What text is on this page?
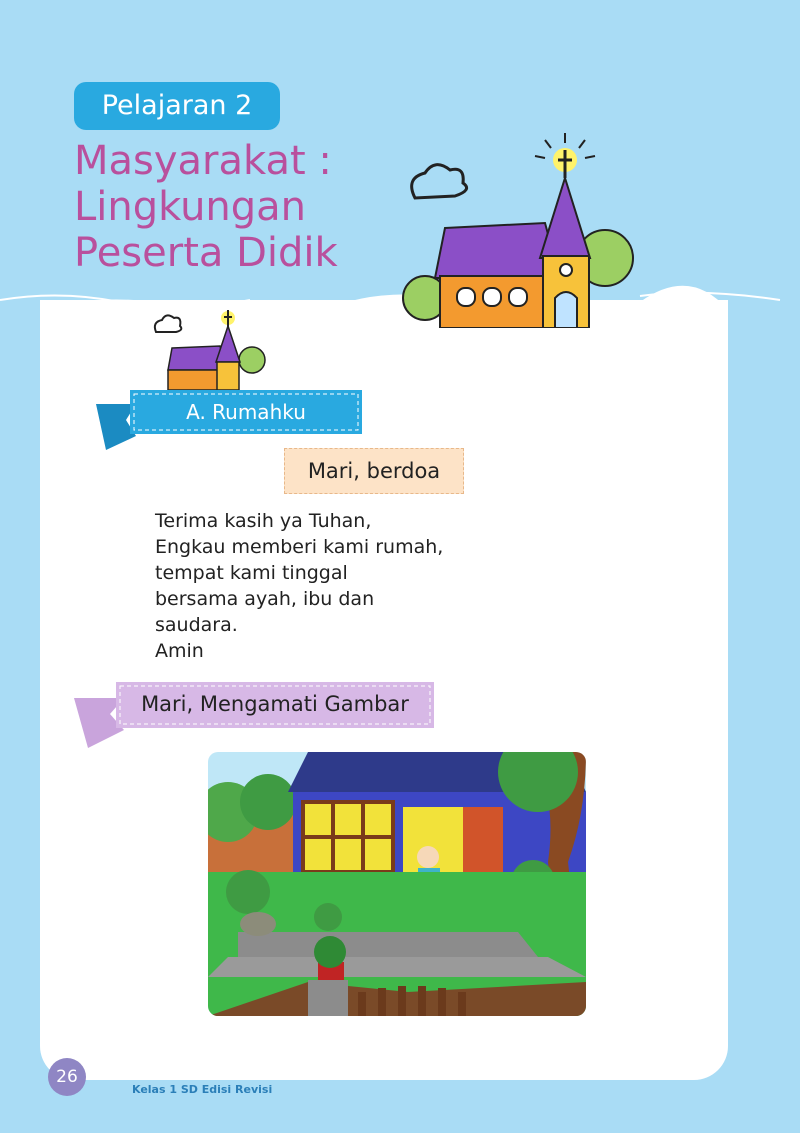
Pelajaran 2
Masyarakat :
Lingkungan
Peserta Didik
A. Rumahku
Mari, berdoa
Terima kasih ya Tuhan,
Engkau memberi kami rumah,
tempat kami tinggal
bersama ayah, ibu dan
saudara.
Amin
Mari, Mengamati Gambar
26
Kelas 1 SD Edisi Revisi
